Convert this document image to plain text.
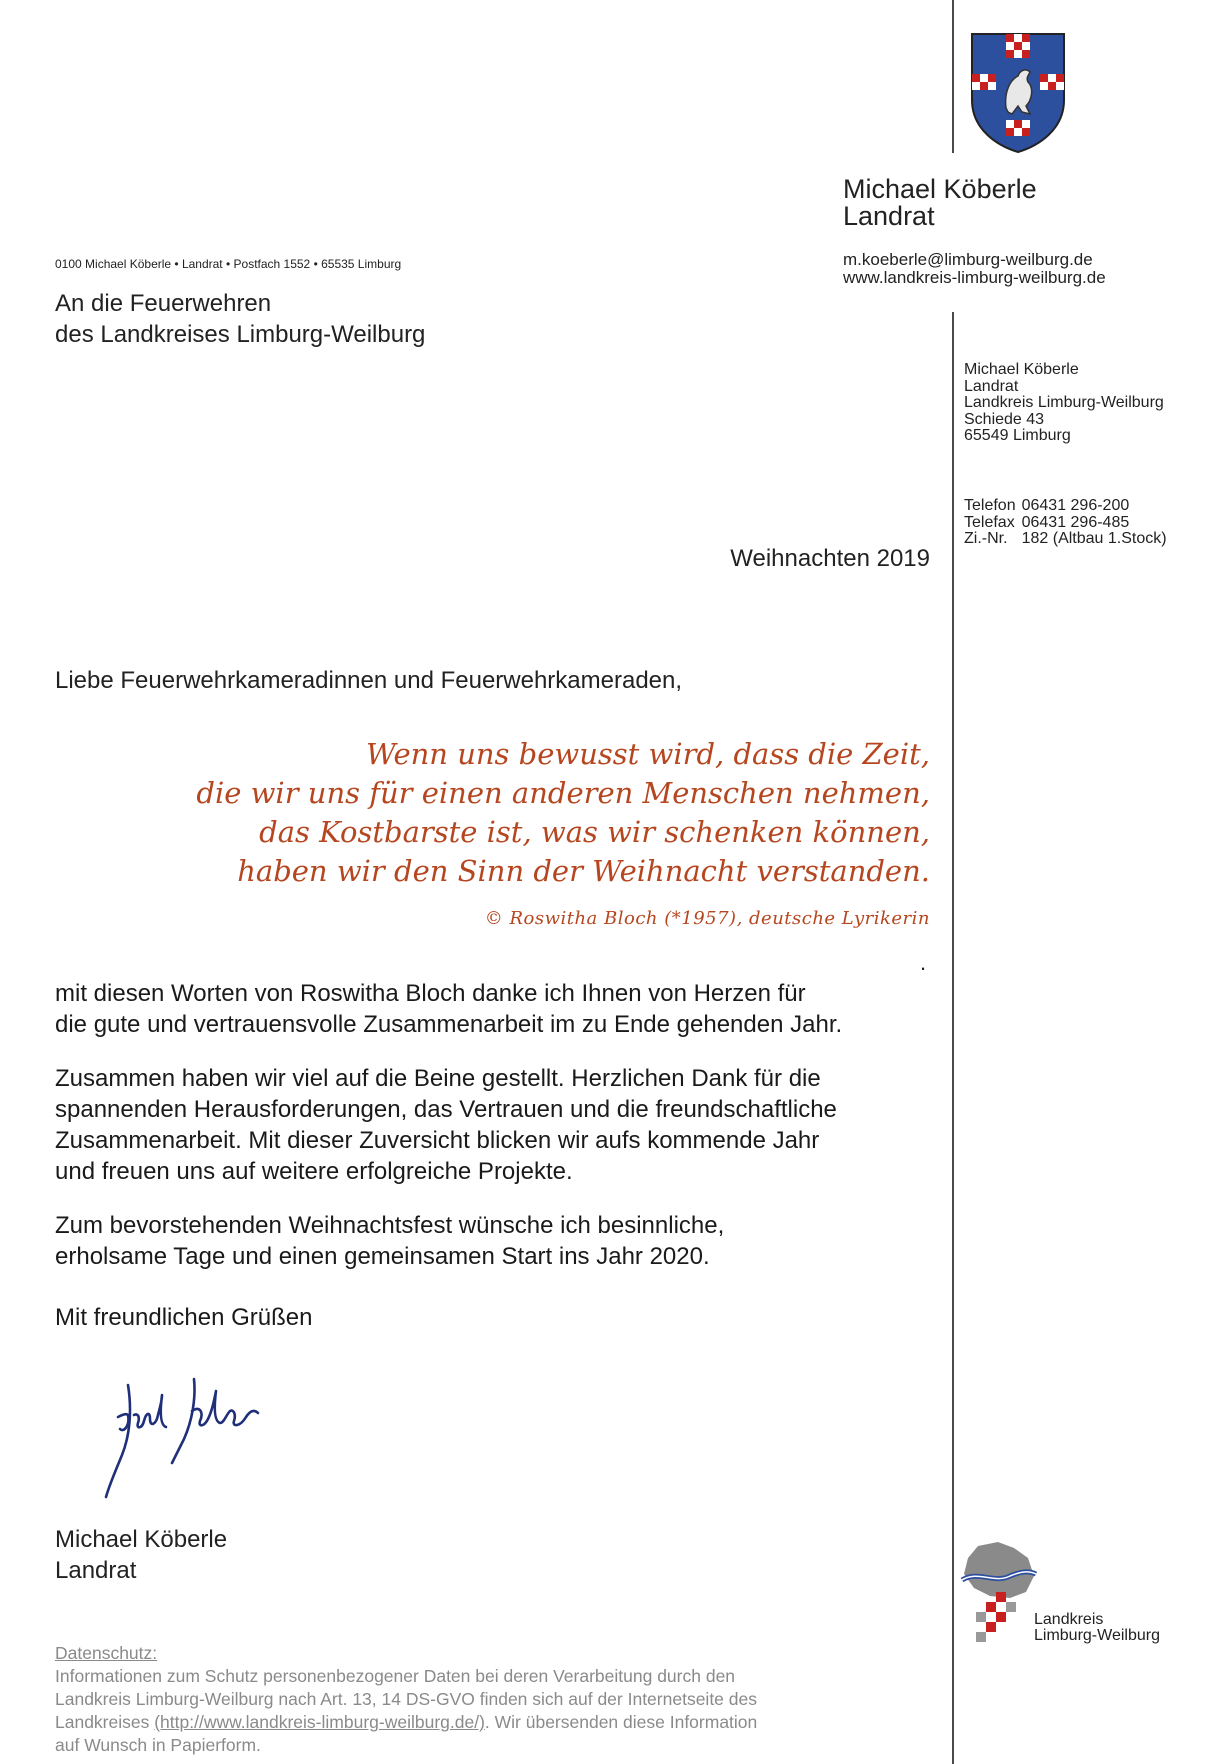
Michael Köberle
Landrat
m.koeberle@limburg-weilburg.de
www.landkreis-limburg-weilburg.de
0100 Michael Köberle • Landrat • Postfach 1552 • 65535 Limburg
An die Feuerwehren
des Landkreises Limburg-Weilburg
Michael Köberle
Landrat
Landkreis Limburg-Weilburg
Schiede 43
65549 Limburg
Telefon	06431 296-200
Telefax	06431 296-485
Zi.-Nr.	182 (Altbau 1.Stock)
Weihnachten 2019
Liebe Feuerwehrkameradinnen und Feuerwehrkameraden,
Wenn uns bewusst wird, dass die Zeit,
die wir uns für einen anderen Menschen nehmen,
das Kostbarste ist, was wir schenken können,
haben wir den Sinn der Weihnacht verstanden.
© Roswitha Bloch (*1957), deutsche Lyrikerin
.
mit diesen Worten von Roswitha Bloch danke ich Ihnen von Herzen für
die gute und vertrauensvolle Zusammenarbeit im zu Ende gehenden Jahr.
Zusammen haben wir viel auf die Beine gestellt. Herzlichen Dank für die
spannenden Herausforderungen, das Vertrauen und die freundschaftliche
Zusammenarbeit. Mit dieser Zuversicht blicken wir aufs kommende Jahr
und freuen uns auf weitere erfolgreiche Projekte.
Zum bevorstehenden Weihnachtsfest wünsche ich besinnliche,
erholsame Tage und einen gemeinsamen Start ins Jahr 2020.
Mit freundlichen Grüßen
Michael Köberle
Landrat
Landkreis
Limburg-Weilburg
Datenschutz:
Informationen zum Schutz personenbezogener Daten bei deren Verarbeitung durch den
Landkreis Limburg-Weilburg nach Art. 13, 14 DS-GVO finden sich auf der Internetseite des
Landkreises (http://www.landkreis-limburg-weilburg.de/). Wir übersenden diese Information
auf Wunsch in Papierform.
